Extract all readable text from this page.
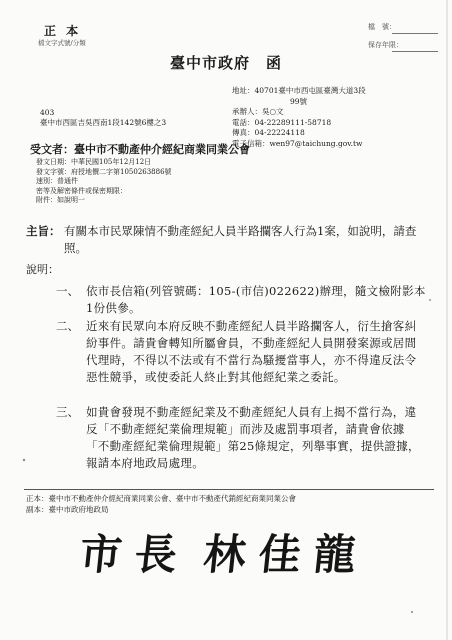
正 本
檔文字式號/分類
檔　號：
保存年限：
臺中市政府　函
地址：40701臺中市西屯區臺灣大道3段
99號
承辦人：吳○文
電話：04-22289111-58718
傳真：04-22224118
電子信箱：wen97@taichung.gov.tw
403
臺中市西區吉吳西南1段142號6樓之3
受文者：臺中市不動產仲介經紀商業同業公會
發文日期：中華民國105年12月12日
發文字號：府授地價二字第1050263886號
速別：普通件
密等及解密條件或保密期限：
附件：如說明一
主旨： 有關本市民眾陳情不動產經紀人員半路攔客人行為1案，如說明，請查照。
說明：
一、 依市長信箱(列管號碼：105-(市信)022622)辦理，隨文檢附影本1份供參。
二、 近來有民眾向本府反映不動產經紀人員半路攔客人，衍生搶客糾紛事件。請貴會轉知所屬會員，不動產經紀人員開發案源或居間代理時，不得以不法或有不當行為騷擾當事人，亦不得違反法令惡性競爭，或使委託人終止對其他經紀業之委託。
三、 如貴會發現不動產經紀業及不動產經紀人員有上揭不當行為，違反「不動產經紀業倫理規範」而涉及處罰事項者，請貴會依據「不動產經紀業倫理規範」第25條規定，列舉事實，提供證據，報請本府地政局處理。
正本：臺中市不動產仲介經紀商業同業公會、臺中市不動產代銷經紀商業同業公會
副本：臺中市政府地政局
市 長 林 佳 龍
